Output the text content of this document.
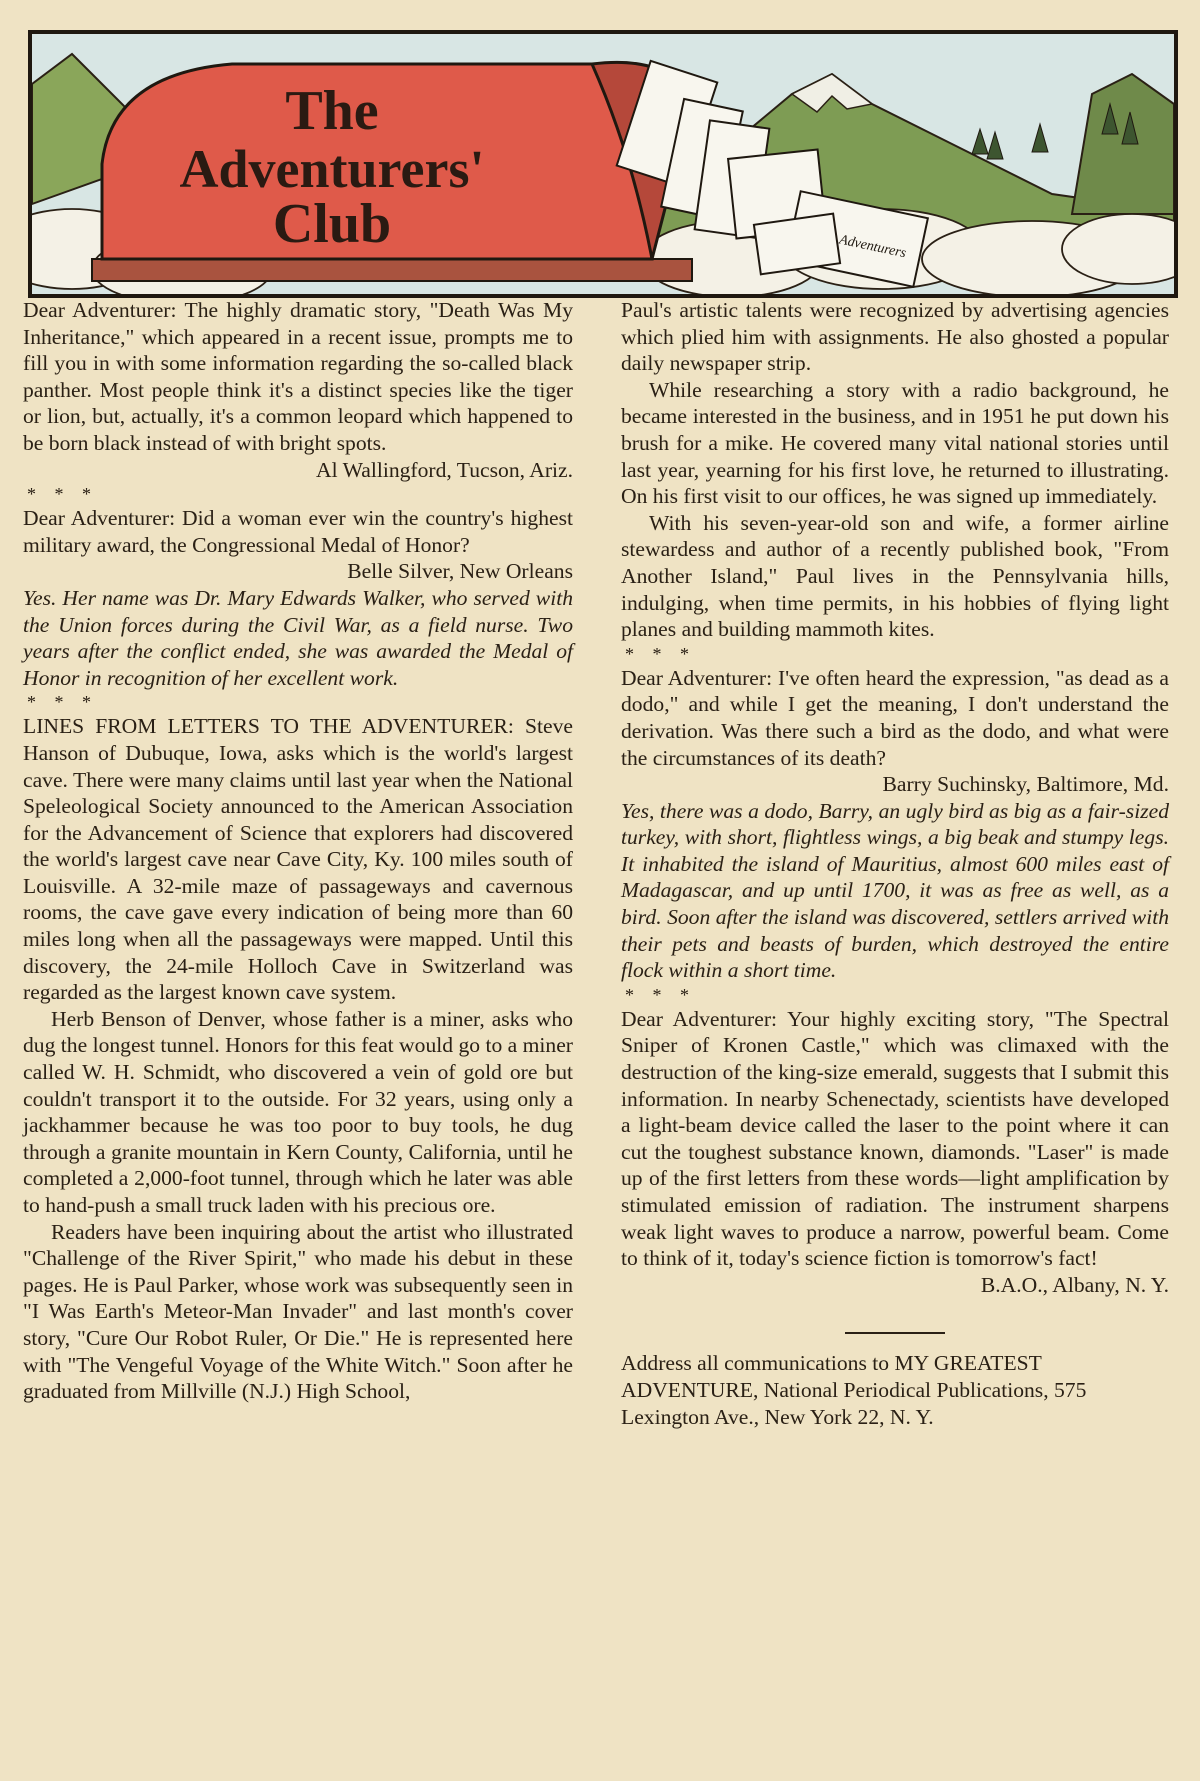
Adventurers
The
Adventurers'
Club

Dear Adventurer: The highly dramatic story, "Death Was My Inheritance," which appeared in a recent issue, prompts me to fill you in with some information regarding the so-called black panther. Most people think it's a distinct species like the tiger or lion, but, actually, it's a common leopard which happened to be born black instead of with bright spots.

Al Wallingford, Tucson, Ariz.

* * *

Dear Adventurer: Did a woman ever win the country's highest military award, the Congressional Medal of Honor?

Belle Silver, New Orleans

Yes. Her name was Dr. Mary Edwards Walker, who served with the Union forces during the Civil War, as a field nurse. Two years after the conflict ended, she was awarded the Medal of Honor in recognition of her excellent work.

* * *

LINES FROM LETTERS TO THE ADVENTURER: Steve Hanson of Dubuque, Iowa, asks which is the world's largest cave. There were many claims until last year when the National Speleological Society announced to the American Association for the Advancement of Science that explorers had discovered the world's largest cave near Cave City, Ky. 100 miles south of Louisville. A 32-mile maze of passageways and cavernous rooms, the cave gave every indication of being more than 60 miles long when all the passageways were mapped. Until this discovery, the 24-mile Holloch Cave in Switzerland was regarded as the largest known cave system.

Herb Benson of Denver, whose father is a miner, asks who dug the longest tunnel. Honors for this feat would go to a miner called W. H. Schmidt, who discovered a vein of gold ore but couldn't transport it to the outside. For 32 years, using only a jackhammer because he was too poor to buy tools, he dug through a granite mountain in Kern County, California, until he completed a 2,000-foot tunnel, through which he later was able to hand-push a small truck laden with his precious ore.

Readers have been inquiring about the artist who illustrated "Challenge of the River Spirit," who made his debut in these pages. He is Paul Parker, whose work was subsequently seen in "I Was Earth's Meteor-Man Invader" and last month's cover story, "Cure Our Robot Ruler, Or Die." He is represented here with "The Vengeful Voyage of the White Witch." Soon after he graduated from Millville (N.J.) High School,

Paul's artistic talents were recognized by advertising agencies which plied him with assignments. He also ghosted a popular daily newspaper strip.

While researching a story with a radio background, he became interested in the business, and in 1951 he put down his brush for a mike. He covered many vital national stories until last year, yearning for his first love, he returned to illustrating. On his first visit to our offices, he was signed up immediately.

With his seven-year-old son and wife, a former airline stewardess and author of a recently published book, "From Another Island," Paul lives in the Pennsylvania hills, indulging, when time permits, in his hobbies of flying light planes and building mammoth kites.

* * *

Dear Adventurer: I've often heard the expression, "as dead as a dodo," and while I get the meaning, I don't understand the derivation. Was there such a bird as the dodo, and what were the circumstances of its death?

Barry Suchinsky, Baltimore, Md.

Yes, there was a dodo, Barry, an ugly bird as big as a fair-sized turkey, with short, flightless wings, a big beak and stumpy legs. It inhabited the island of Mauritius, almost 600 miles east of Madagascar, and up until 1700, it was as free as well, as a bird. Soon after the island was discovered, settlers arrived with their pets and beasts of burden, which destroyed the entire flock within a short time.

* * *

Dear Adventurer: Your highly exciting story, "The Spectral Sniper of Kronen Castle," which was climaxed with the destruction of the king-size emerald, suggests that I submit this information. In nearby Schenectady, scientists have developed a light-beam device called the laser to the point where it can cut the toughest substance known, diamonds. "Laser" is made up of the first letters from these words—light amplification by stimulated emission of radiation. The instrument sharpens weak light waves to produce a narrow, powerful beam. Come to think of it, today's science fiction is tomorrow's fact!

B.A.O., Albany, N. Y.

Address all communications to MY GREATEST ADVENTURE, National Periodical Publications, 575 Lexington Ave., New York 22, N. Y.
